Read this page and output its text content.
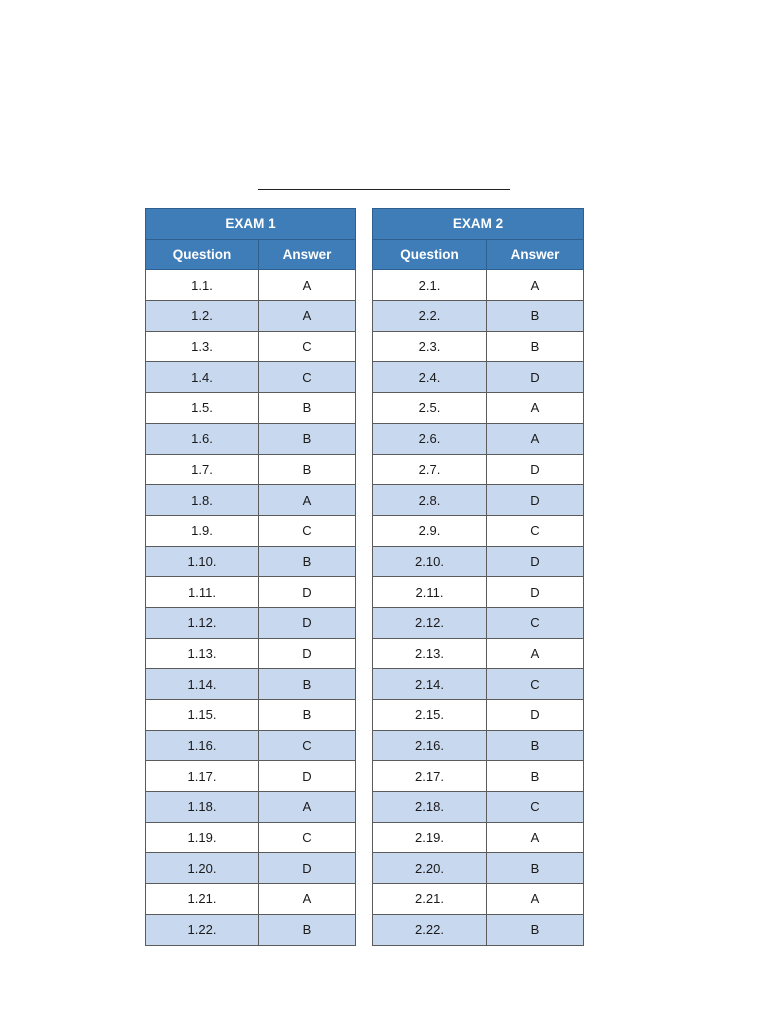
EXAM 1	
Question	Answer
1.1.	A
1.2.	A
1.3.	C
1.4.	C
1.5.	B
1.6.	B
1.7.	B
1.8.	A
1.9.	C
1.10.	B
1.11.	D
1.12.	D
1.13.	D
1.14.	B
1.15.	B
1.16.	C
1.17.	D
1.18.	A
1.19.	C
1.20.	D
1.21.	A
1.22.	B
EXAM 2	
Question	Answer
2.1.	A
2.2.	B
2.3.	B
2.4.	D
2.5.	A
2.6.	A
2.7.	D
2.8.	D
2.9.	C
2.10.	D
2.11.	D
2.12.	C
2.13.	A
2.14.	C
2.15.	D
2.16.	B
2.17.	B
2.18.	C
2.19.	A
2.20.	B
2.21.	A
2.22.	B
